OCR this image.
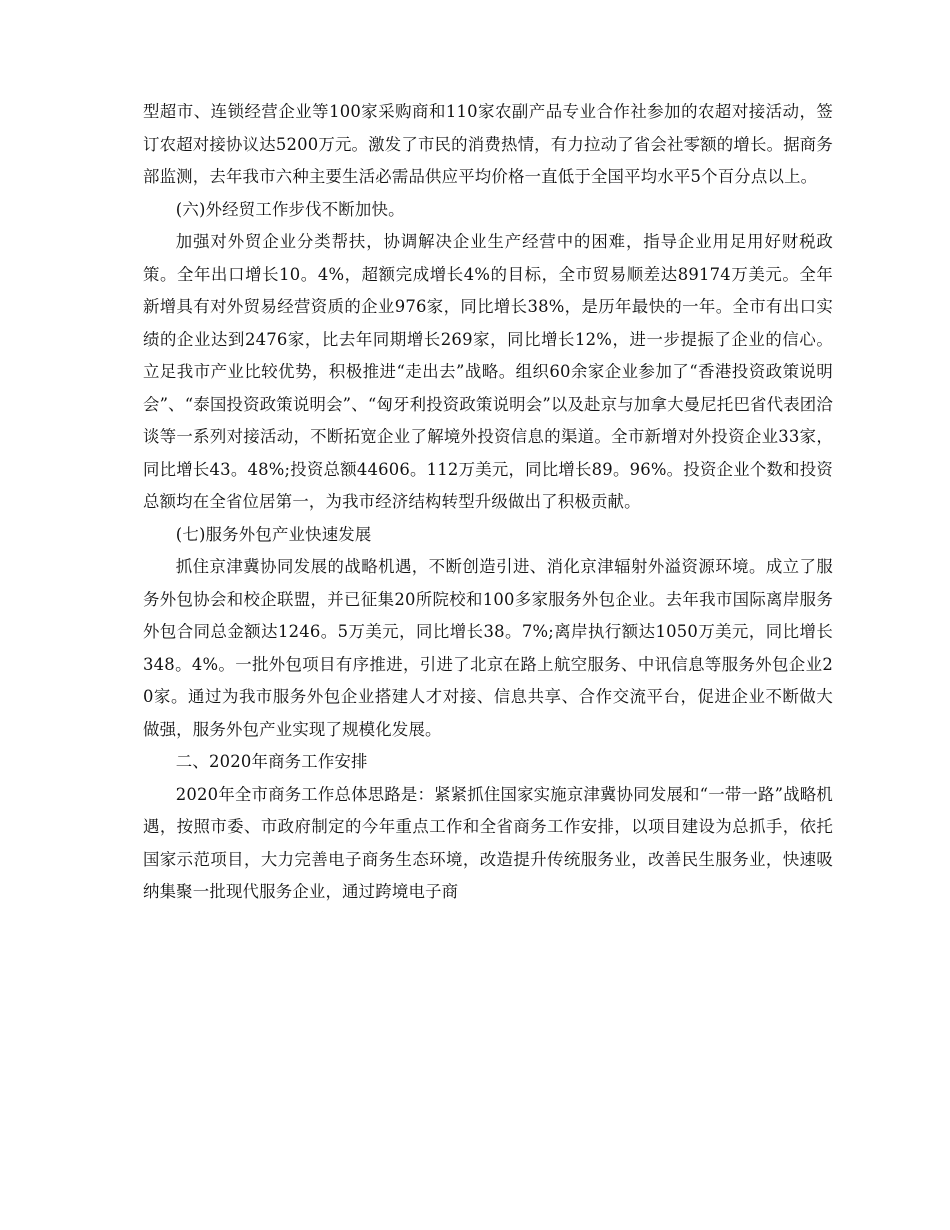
型超市、连锁经营企业等100家采购商和110家农副产品专业合作社参加的农超对接活动，签订农超对接协议达5200万元。激发了市民的消费热情，有力拉动了省会社零额的增长。据商务部监测，去年我市六种主要生活必需品供应平均价格一直低于全国平均水平5个百分点以上。

(六)外经贸工作步伐不断加快。

加强对外贸企业分类帮扶，协调解决企业生产经营中的困难，指导企业用足用好财税政策。全年出口增长10。4%，超额完成增长4%的目标，全市贸易顺差达89174万美元。全年新增具有对外贸易经营资质的企业976家，同比增长38%，是历年最快的一年。全市有出口实绩的企业达到2476家，比去年同期增长269家，同比增长12%，进一步提振了企业的信心。立足我市产业比较优势，积极推进“走出去”战略。组织60余家企业参加了“香港投资政策说明会”、“泰国投资政策说明会”、“匈牙利投资政策说明会”以及赴京与加拿大曼尼托巴省代表团洽谈等一系列对接活动，不断拓宽企业了解境外投资信息的渠道。全市新增对外投资企业33家，同比增长43。48%;投资总额44606。112万美元，同比增长89。96%。投资企业个数和投资总额均在全省位居第一，为我市经济结构转型升级做出了积极贡献。

(七)服务外包产业快速发展

抓住京津冀协同发展的战略机遇，不断创造引进、消化京津辐射外溢资源环境。成立了服务外包协会和校企联盟，并已征集20所院校和100多家服务外包企业。去年我市国际离岸服务外包合同总金额达1246。5万美元，同比增长38。7%;离岸执行额达1050万美元，同比增长348。4%。一批外包项目有序推进，引进了北京在路上航空服务、中讯信息等服务外包企业20家。通过为我市服务外包企业搭建人才对接、信息共享、合作交流平台，促进企业不断做大做强，服务外包产业实现了规模化发展。

二、2020年商务工作安排

2020年全市商务工作总体思路是：紧紧抓住国家实施京津冀协同发展和“一带一路”战略机遇，按照市委、市政府制定的今年重点工作和全省商务工作安排，以项目建设为总抓手，依托国家示范项目，大力完善电子商务生态环境，改造提升传统服务业，改善民生服务业，快速吸纳集聚一批现代服务企业，通过跨境电子商
